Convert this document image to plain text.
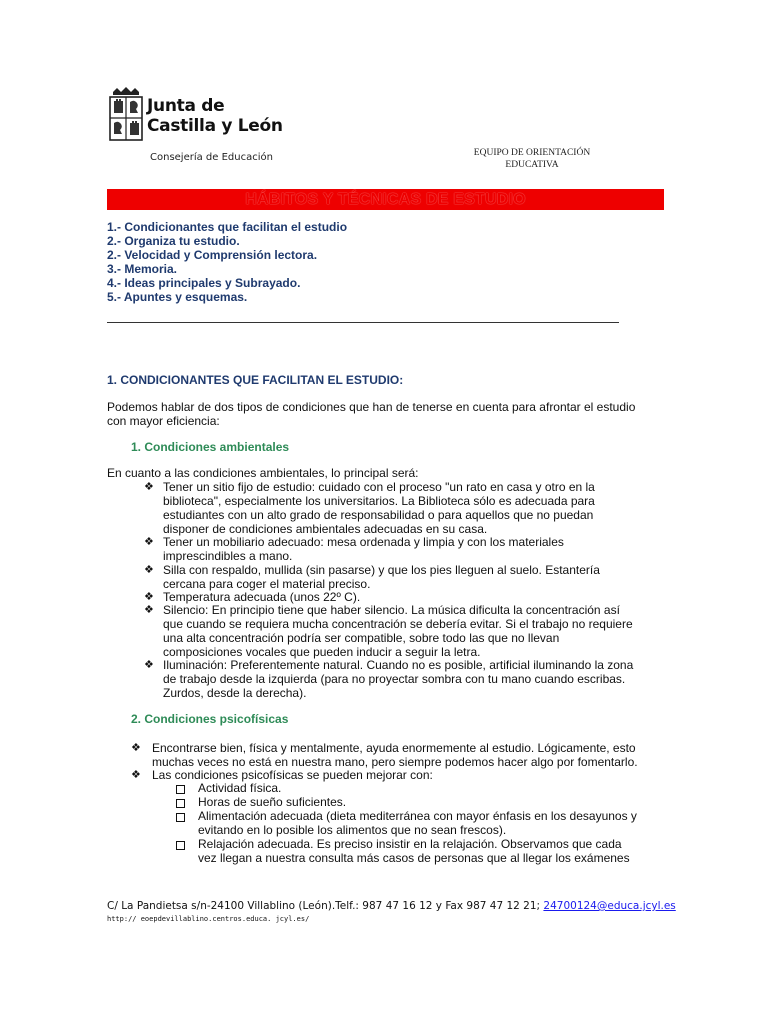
Junta de
Castilla y León
Consejería de Educación	EQUIPO DE ORIENTACIÓN
EDUCATIVA
HÁBITOS Y TÉCNICAS DE ESTUDIO
1.- Condicionantes que facilitan el estudio
2.- Organiza tu estudio.
2.- Velocidad y Comprensión lectora.
3.- Memoria.
4.- Ideas principales y Subrayado.
5.- Apuntes y esquemas.
1. CONDICIONANTES QUE FACILITAN EL ESTUDIO:
Podemos hablar de dos tipos de condiciones que han de tenerse en cuenta para afrontar el estudio
con mayor eficiencia:
1. Condiciones ambientales
En cuanto a las condiciones ambientales, lo principal será:
❖ Tener un sitio fijo de estudio: cuidado con el proceso "un rato en casa y otro en la
biblioteca", especialmente los universitarios. La Biblioteca sólo es adecuada para
estudiantes con un alto grado de responsabilidad o para aquellos que no puedan
disponer de condiciones ambientales adecuadas en su casa.
❖ Tener un mobiliario adecuado: mesa ordenada y limpia y con los materiales
imprescindibles a mano.
❖ Silla con respaldo, mullida (sin pasarse) y que los pies lleguen al suelo. Estantería
cercana para coger el material preciso.
❖ Temperatura adecuada (unos 22º C).
❖ Silencio: En principio tiene que haber silencio. La música dificulta la concentración así
que cuando se requiera mucha concentración se debería evitar. Si el trabajo no requiere
una alta concentración podría ser compatible, sobre todo las que no llevan
composiciones vocales que pueden inducir a seguir la letra.
❖ Iluminación: Preferentemente natural. Cuando no es posible, artificial iluminando la zona
de trabajo desde la izquierda (para no proyectar sombra con tu mano cuando escribas.
Zurdos, desde la derecha).
2. Condiciones psicofísicas
❖ Encontrarse bien, física y mentalmente, ayuda enormemente al estudio. Lógicamente, esto
muchas veces no está en nuestra mano, pero siempre podemos hacer algo por fomentarlo.
❖ Las condiciones psicofísicas se pueden mejorar con:
Actividad física.
Horas de sueño suficientes.
Alimentación adecuada (dieta mediterránea con mayor énfasis en los desayunos y
evitando en lo posible los alimentos que no sean frescos).
Relajación adecuada. Es preciso insistir en la relajación. Observamos que cada
vez llegan a nuestra consulta más casos de personas que al llegar los exámenes
C/ La Pandietsa s/n-24100 Villablino (León).Telf.: 987 47 16 12 y Fax 987 47 12 21; 24700124@educa.jcyl.es
http:// eoepdevillablino.centros.educa. jcyl.es/
